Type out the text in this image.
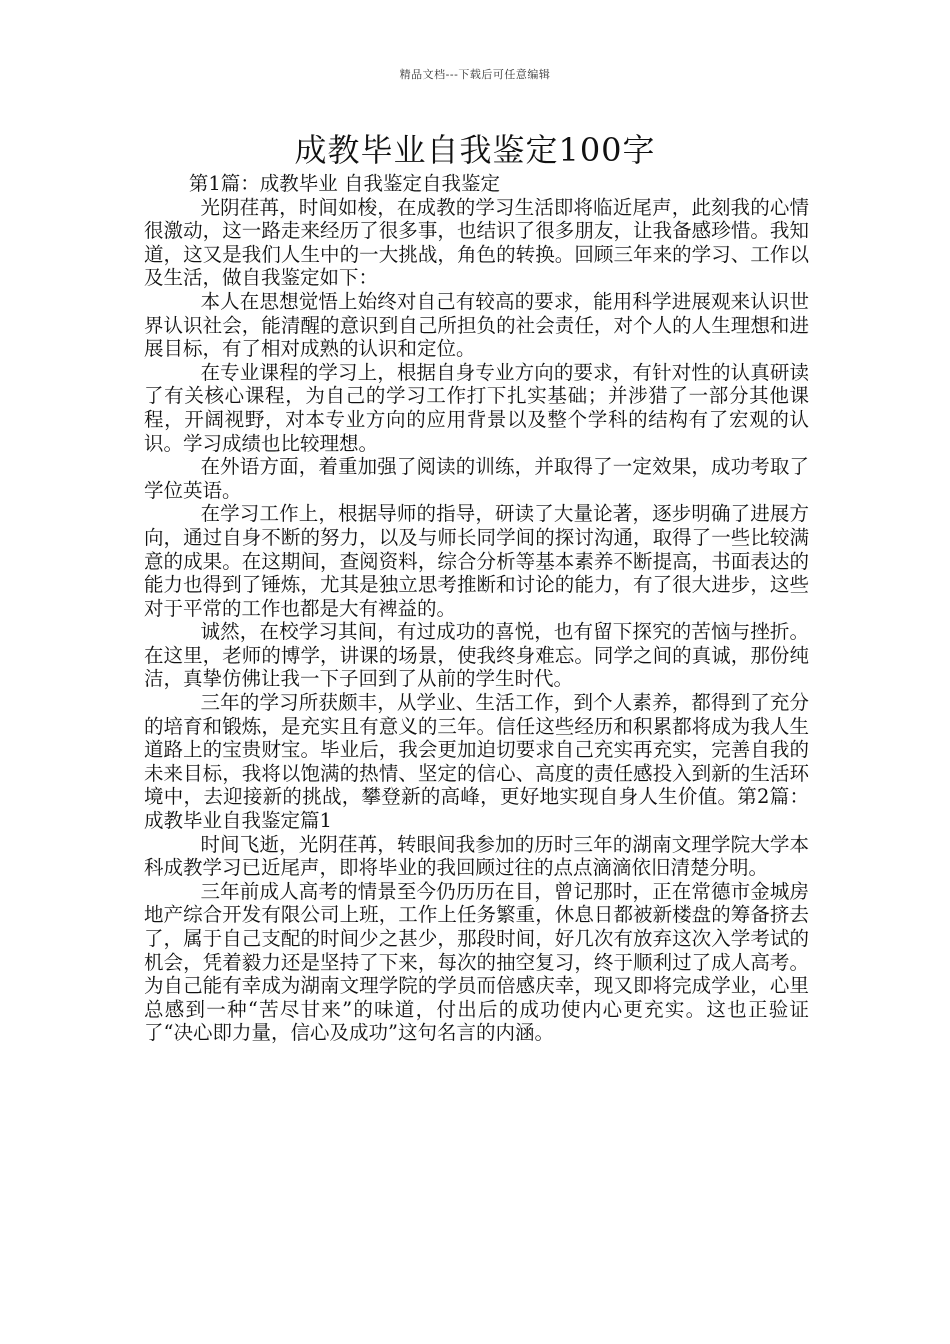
精品文档---下载后可任意编辑
成教毕业自我鉴定100字

第1篇：成教毕业 自我鉴定自我鉴定

光阴荏苒，时间如梭，在成教的学习生活即将临近尾声，此刻我的心情很激动，这一路走来经历了很多事，也结识了很多朋友，让我备感珍惜。我知道，这又是我们人生中的一大挑战，角色的转换。回顾三年来的学习、工作以及生活，做自我鉴定如下：

本人在思想觉悟上始终对自己有较高的要求，能用科学进展观来认识世界认识社会，能清醒的意识到自己所担负的社会责任，对个人的人生理想和进展目标，有了相对成熟的认识和定位。

在专业课程的学习上，根据自身专业方向的要求，有针对性的认真研读了有关核心课程，为自己的学习工作打下扎实基础；并涉猎了一部分其他课程，开阔视野，对本专业方向的应用背景以及整个学科的结构有了宏观的认识。学习成绩也比较理想。

在外语方面，着重加强了阅读的训练，并取得了一定效果，成功考取了学位英语。

在学习工作上，根据导师的指导，研读了大量论著，逐步明确了进展方向，通过自身不断的努力，以及与师长同学间的探讨沟通，取得了一些比较满意的成果。在这期间，查阅资料，综合分析等基本素养不断提高，书面表达的能力也得到了锤炼，尤其是独立思考推断和讨论的能力，有了很大进步，这些对于平常的工作也都是大有裨益的。

诚然，在校学习其间，有过成功的喜悦，也有留下探究的苦恼与挫折。在这里，老师的博学，讲课的场景，使我终身难忘。同学之间的真诚，那份纯洁，真挚仿佛让我一下子回到了从前的学生时代。

三年的学习所获颇丰，从学业、生活工作，到个人素养，都得到了充分的培育和锻炼，是充实且有意义的三年。信任这些经历和积累都将成为我人生道路上的宝贵财宝。毕业后，我会更加迫切要求自己充实再充实，完善自我的未来目标，我将以饱满的热情、坚定的信心、高度的责任感投入到新的生活环境中，去迎接新的挑战，攀登新的高峰，更好地实现自身人生价值。第2篇：成教毕业自我鉴定篇1

时间飞逝，光阴荏苒，转眼间我参加的历时三年的湖南文理学院大学本科成教学习已近尾声，即将毕业的我回顾过往的点点滴滴依旧清楚分明。

三年前成人高考的情景至今仍历历在目，曾记那时，正在常德市金城房地产综合开发有限公司上班，工作上任务繁重，休息日都被新楼盘的筹备挤去了，属于自己支配的时间少之甚少，那段时间，好几次有放弃这次入学考试的机会，凭着毅力还是坚持了下来，每次的抽空复习，终于顺利过了成人高考。为自己能有幸成为湖南文理学院的学员而倍感庆幸，现又即将完成学业，心里总感到一种“苦尽甘来”的味道，付出后的成功使内心更充实。这也正验证了“决心即力量，信心及成功”这句名言的内涵。
